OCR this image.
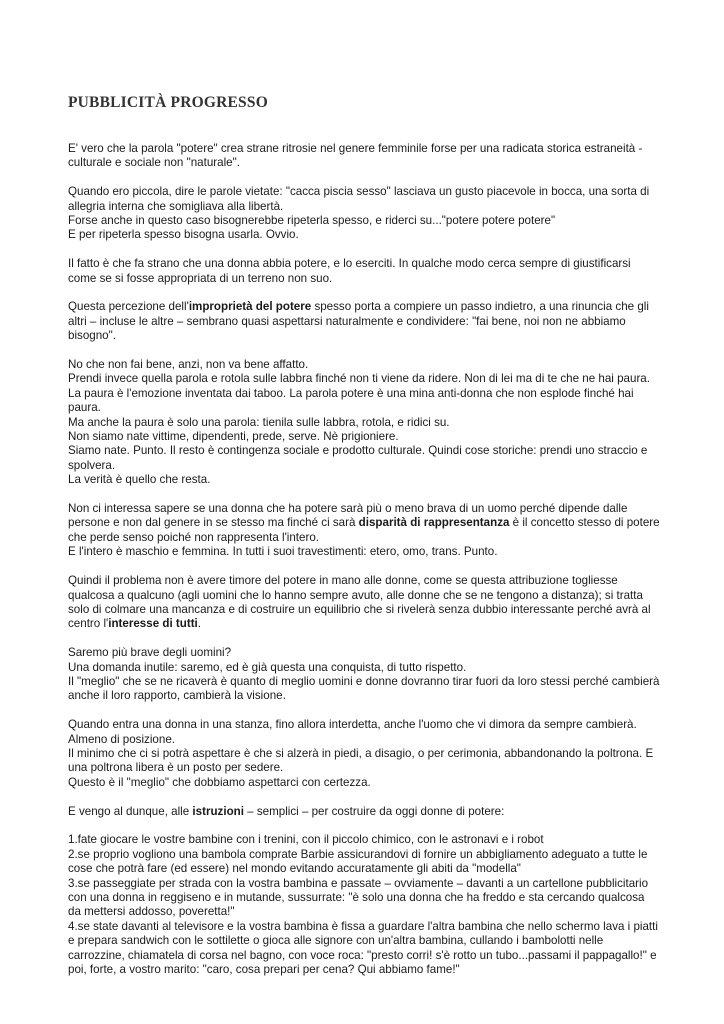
PUBBLICITÀ PROGRESSO

E' vero che la parola "potere" crea strane ritrosie nel genere femminile forse per una radicata storica estraneità - culturale e sociale non "naturale".

Quando ero piccola, dire le parole vietate: "cacca piscia sesso" lasciava un gusto piacevole in bocca, una sorta di allegria interna che somigliava alla libertà.
Forse anche in questo caso bisognerebbe ripeterla spesso, e riderci su..."potere potere potere"
E per ripeterla spesso bisogna usarla. Ovvio.

Il fatto è che fa strano che una donna abbia potere, e lo eserciti. In qualche modo cerca sempre di giustificarsi come se si fosse appropriata di un terreno non suo.

Questa percezione dell'improprietà del potere spesso porta a compiere un passo indietro, a una rinuncia che gli altri – incluse le altre – sembrano quasi aspettarsi naturalmente e condividere: "fai bene, noi non ne abbiamo bisogno".

No che non fai bene, anzi, non va bene affatto.
Prendi invece quella parola e rotola sulle labbra finché non ti viene da ridere. Non di lei ma di te che ne hai paura.
La paura è l'emozione inventata dai taboo. La parola potere è una mina anti-donna che non esplode finché hai paura.
Ma anche la paura è solo una parola: tienila sulle labbra, rotola, e ridici su.
Non siamo nate vittime, dipendenti, prede, serve. Nè prigioniere.
Siamo nate. Punto. Il resto è contingenza sociale e prodotto culturale. Quindi cose storiche: prendi uno straccio e spolvera.
La verità è quello che resta.

Non ci interessa sapere se una donna che ha potere sarà più o meno brava di un uomo perché dipende dalle persone e non dal genere in se stesso ma finché ci sarà disparità di rappresentanza è il concetto stesso di potere che perde senso poiché non rappresenta l'intero.
E l'intero è maschio e femmina. In tutti i suoi travestimenti: etero, omo, trans. Punto.

Quindi il problema non è avere timore del potere in mano alle donne, come se questa attribuzione togliesse qualcosa a qualcuno (agli uomini che lo hanno sempre avuto, alle donne che se ne tengono a distanza); si tratta solo di colmare una mancanza e di costruire un equilibrio che si rivelerà senza dubbio interessante perché avrà al centro l'interesse di tutti.

Saremo più brave degli uomini?
Una domanda inutile: saremo, ed è già questa una conquista, di tutto rispetto.
Il "meglio" che se ne ricaverà è quanto di meglio uomini e donne dovranno tirar fuori da loro stessi perché cambierà anche il loro rapporto, cambierà la visione.

Quando entra una donna in una stanza, fino allora interdetta, anche l'uomo che vi dimora da sempre cambierà. Almeno di posizione.
Il minimo che ci si potrà aspettare è che si alzerà in piedi, a disagio, o per cerimonia, abbandonando la poltrona. E una poltrona libera è un posto per sedere.
Questo è il "meglio" che dobbiamo aspettarci con certezza.

E vengo al dunque, alle istruzioni – semplici – per costruire da oggi donne di potere:

1.fate giocare le vostre bambine con i trenini, con il piccolo chimico, con le astronavi e i robot

2.se proprio vogliono una bambola comprate Barbie assicurandovi di fornire un abbigliamento adeguato a tutte le cose che potrà fare (ed essere) nel mondo evitando accuratamente gli abiti da "modella"

3.se passeggiate per strada con la vostra bambina e passate – ovviamente – davanti a un cartellone pubblicitario con una donna in reggiseno e in mutande, sussurrate: "è solo una donna che ha freddo e sta cercando qualcosa da mettersi addosso, poveretta!"

4.se state davanti al televisore e la vostra bambina è fissa a guardare l'altra bambina che nello schermo lava i piatti e prepara sandwich con le sottilette o gioca alle signore con un'altra bambina, cullando i bambolotti nelle carrozzine, chiamatela di corsa nel bagno, con voce roca: "presto corri! s'è rotto un tubo...passami il pappagallo!" e poi, forte, a vostro marito: "caro, cosa prepari per cena? Qui abbiamo fame!"
